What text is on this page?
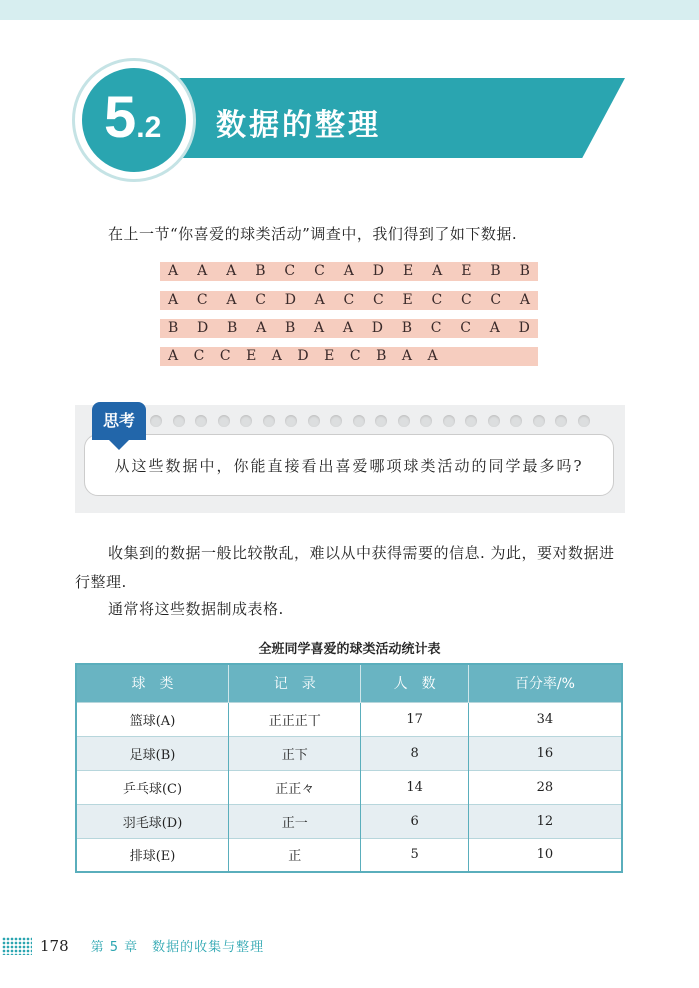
5.2 数据的整理
在上一节“你喜爱的球类活动”调查中，我们得到了如下数据.
A A A B C C A D E A E B B
A C A C D A C C E C C C A
B D B A B A A D B C C A D
A C C E A D E C B A A
从这些数据中，你能直接看出喜爱哪项球类活动的同学最多吗?
思考
收集到的数据一般比较散乱，难以从中获得需要的信息. 为此，要对数据进
行整理.
通常将这些数据制成表格.
全班同学喜爱的球类活动统计表
球　类	记　录	人　数	百分率/%
篮球(A)	正正正丅	17	34
足球(B)	正下	8	16
乒乓球(C)	正正𠚤	14	28
羽毛球(D)	正一	6	12
排球(E)	正	5	10
178 第 5 章　数据的收集与整理
